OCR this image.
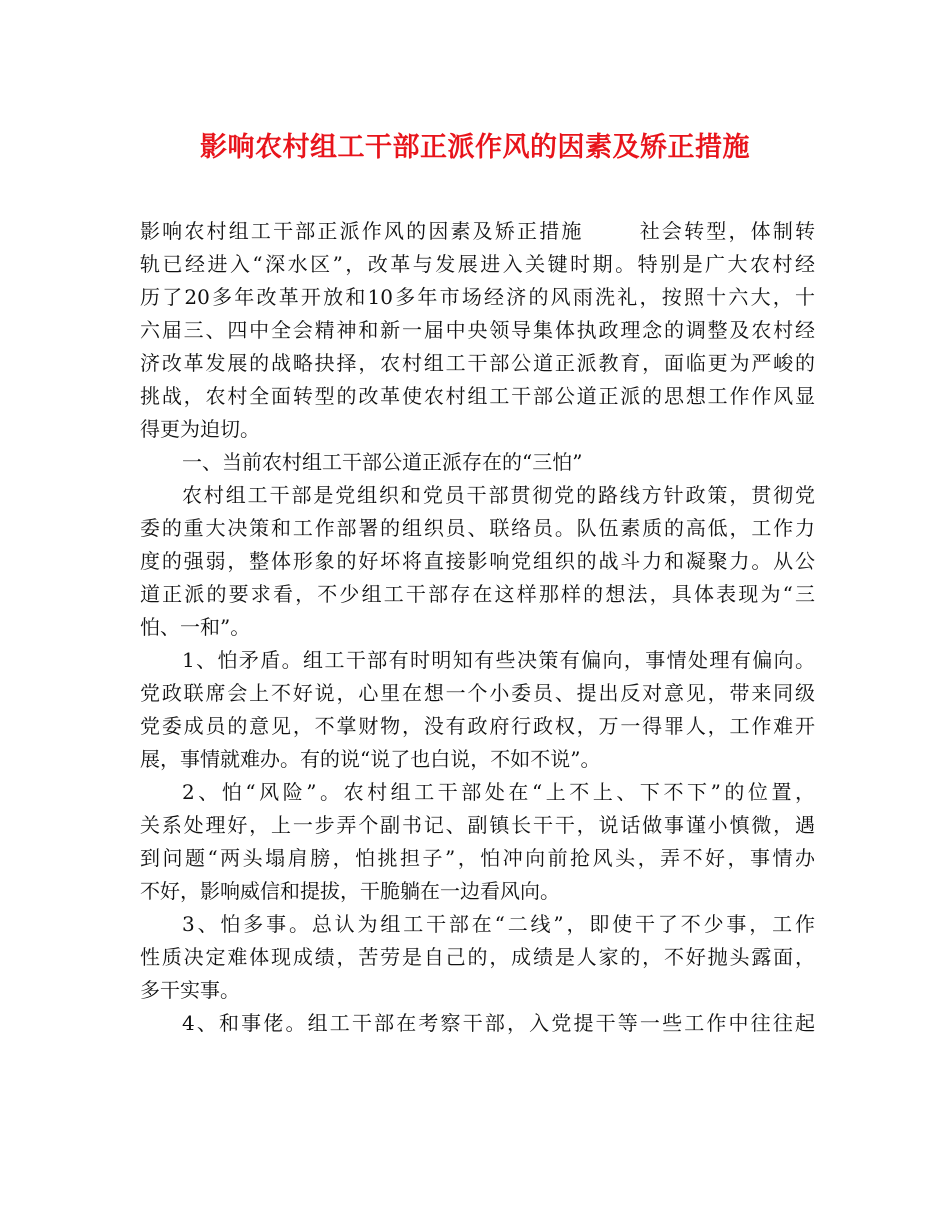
影响农村组工干部正派作风的因素及矫正措施
影响农村组工干部正派作风的因素及矫正措施	社会转型，体制转
轨已经进入“深水区”，改革与发展进入关键时期。特别是广大农村经
历了20多年改革开放和10多年市场经济的风雨洗礼，按照十六大，十
六届三、四中全会精神和新一届中央领导集体执政理念的调整及农村经
济改革发展的战略抉择，农村组工干部公道正派教育，面临更为严峻的
挑战，农村全面转型的改革使农村组工干部公道正派的思想工作作风显
得更为迫切。
一、当前农村组工干部公道正派存在的“三怕”
农村组工干部是党组织和党员干部贯彻党的路线方针政策，贯彻党
委的重大决策和工作部署的组织员、联络员。队伍素质的高低，工作力
度的强弱，整体形象的好坏将直接影响党组织的战斗力和凝聚力。从公
道正派的要求看，不少组工干部存在这样那样的想法，具体表现为“三
怕、一和”。
1、怕矛盾。组工干部有时明知有些决策有偏向，事情处理有偏向。
党政联席会上不好说，心里在想一个小委员、提出反对意见，带来同级
党委成员的意见，不掌财物，没有政府行政权，万一得罪人，工作难开
展，事情就难办。有的说“说了也白说，不如不说”。
2、怕“风险”。农村组工干部处在“上不上、下不下”的位置，
关系处理好，上一步弄个副书记、副镇长干干，说话做事谨小慎微，遇
到问题“两头塌肩膀，怕挑担子”，怕冲向前抢风头，弄不好，事情办
不好，影响威信和提拔，干脆躺在一边看风向。
3、怕多事。总认为组工干部在“二线”，即使干了不少事，工作
性质决定难体现成绩，苦劳是自己的，成绩是人家的，不好抛头露面，
多干实事。
4、和事佬。组工干部在考察干部，入党提干等一些工作中往往起
